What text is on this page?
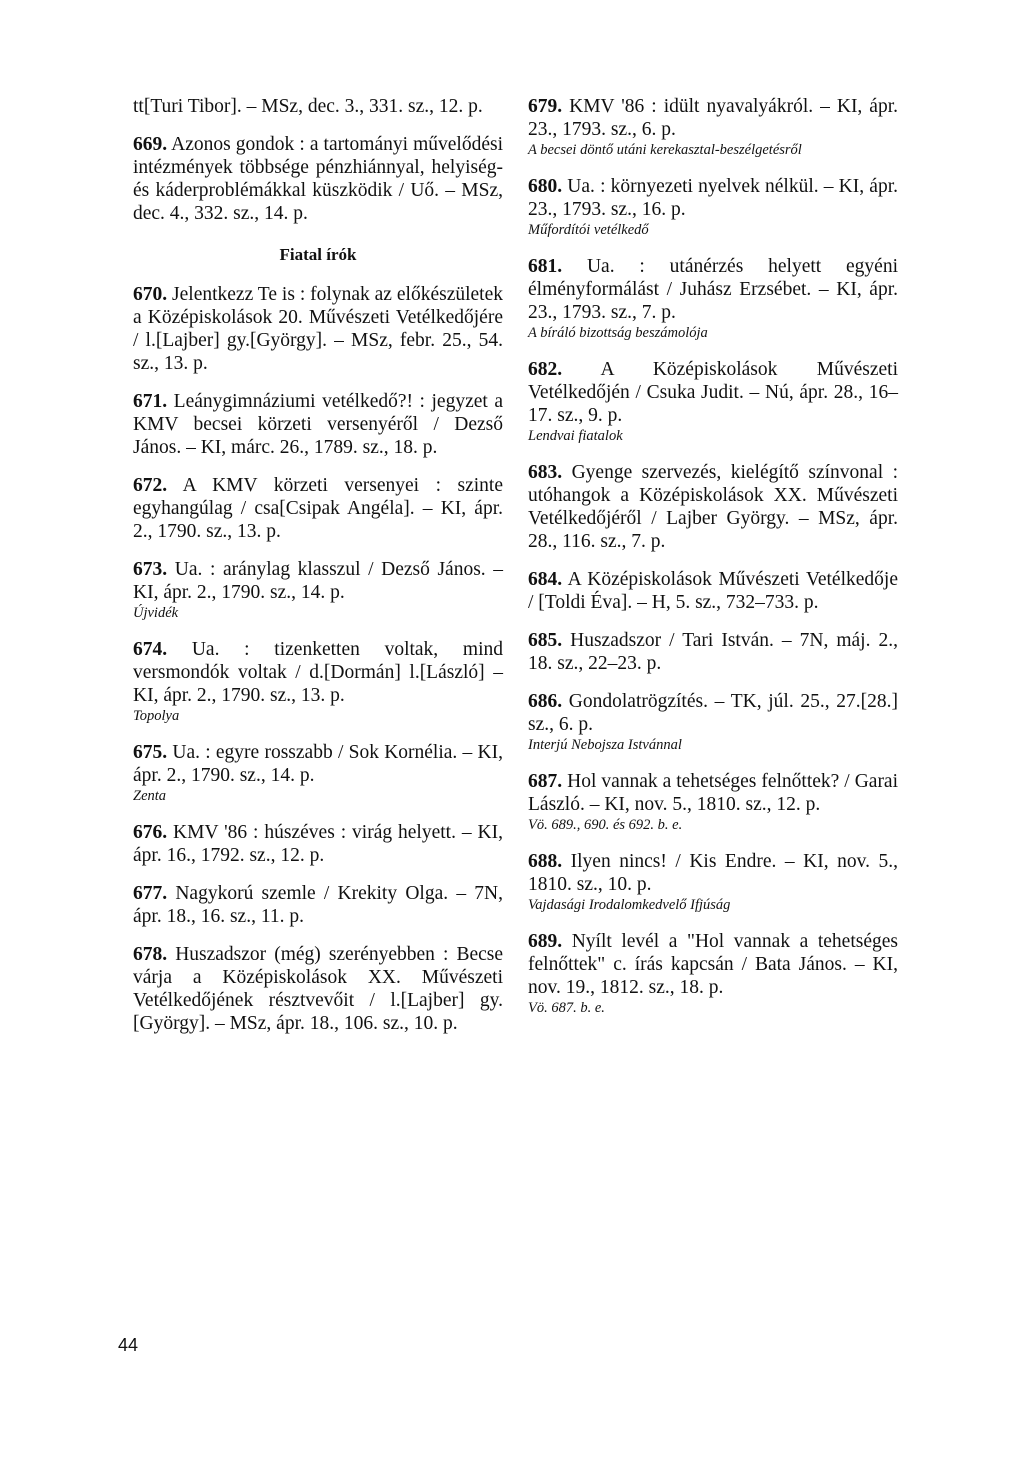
tt[Turi Tibor]. – MSz, dec. 3., 331. sz., 12. p.

669. Azonos gondok : a tartományi művelődési intézmények többsége pénzhiánnyal, helyiség- és káderproblémákkal küszködik / Uő. – MSz, dec. 4., 332. sz., 14. p.

Fiatal írók

670. Jelentkezz Te is : folynak az előkészületek a Középiskolások 20. Művészeti Vetélkedőjére / l.[Lajber] gy.[György]. – MSz, febr. 25., 54. sz., 13. p.

671. Leánygimnáziumi vetélkedő?! : jegyzet a KMV becsei körzeti versenyéről / Dezső János. – KI, márc. 26., 1789. sz., 18. p.

672. A KMV körzeti versenyei : szinte egyhangúlag / csa[Csipak Angéla]. – KI, ápr. 2., 1790. sz., 13. p.

673. Ua. : aránylag klasszul / Dezső János. – KI, ápr. 2., 1790. sz., 14. p.
Újvidék

674. Ua. : tizenketten voltak, mind versmondók voltak / d.[Dormán] l.[László] – KI, ápr. 2., 1790. sz., 13. p.
Topolya

675. Ua. : egyre rosszabb / Sok Kornélia. – KI, ápr. 2., 1790. sz., 14. p.
Zenta

676. KMV '86 : húszéves : virág helyett. – KI, ápr. 16., 1792. sz., 12. p.

677. Nagykorú szemle / Krekity Olga. – 7N, ápr. 18., 16. sz., 11. p.

678. Huszadszor (még) szerényebben : Becse várja a Középiskolások XX. Művészeti Vetélkedőjének résztvevőit / l.[Lajber] gy.[György]. – MSz, ápr. 18., 106. sz., 10. p.

679. KMV '86 : idült nyavalyákról. – KI, ápr. 23., 1793. sz., 6. p.
A becsei döntő utáni kerekasztal-beszélgetésről

680. Ua. : környezeti nyelvek nélkül. – KI, ápr. 23., 1793. sz., 16. p.
Műfordítói vetélkedő

681. Ua. : utánérzés helyett egyéni élményformálást / Juhász Erzsébet. – KI, ápr. 23., 1793. sz., 7. p.
A bíráló bizottság beszámolója

682. A Középiskolások Művészeti Vetélkedőjén / Csuka Judit. – Nú, ápr. 28., 16–17. sz., 9. p.
Lendvai fiatalok

683. Gyenge szervezés, kielégítő színvonal : utóhangok a Középiskolások XX. Művészeti Vetélkedőjéről / Lajber György. – MSz, ápr. 28., 116. sz., 7. p.

684. A Középiskolások Művészeti Vetélkedője / [Toldi Éva]. – H, 5. sz., 732–733. p.

685. Huszadszor / Tari István. – 7N, máj. 2., 18. sz., 22–23. p.

686. Gondolatrögzítés. – TK, júl. 25., 27.[28.] sz., 6. p.
Interjú Nebojsza Istvánnal

687. Hol vannak a tehetséges felnőttek? / Garai László. – KI, nov. 5., 1810. sz., 12. p.
Vö. 689., 690. és 692. b. e.

688. Ilyen nincs! / Kis Endre. – KI, nov. 5., 1810. sz., 10. p.
Vajdasági Irodalomkedvelő Ifjúság

689. Nyílt levél a "Hol vannak a tehetséges felnőttek" c. írás kapcsán / Bata János. – KI, nov. 19., 1812. sz., 18. p.
Vö. 687. b. e.

44
